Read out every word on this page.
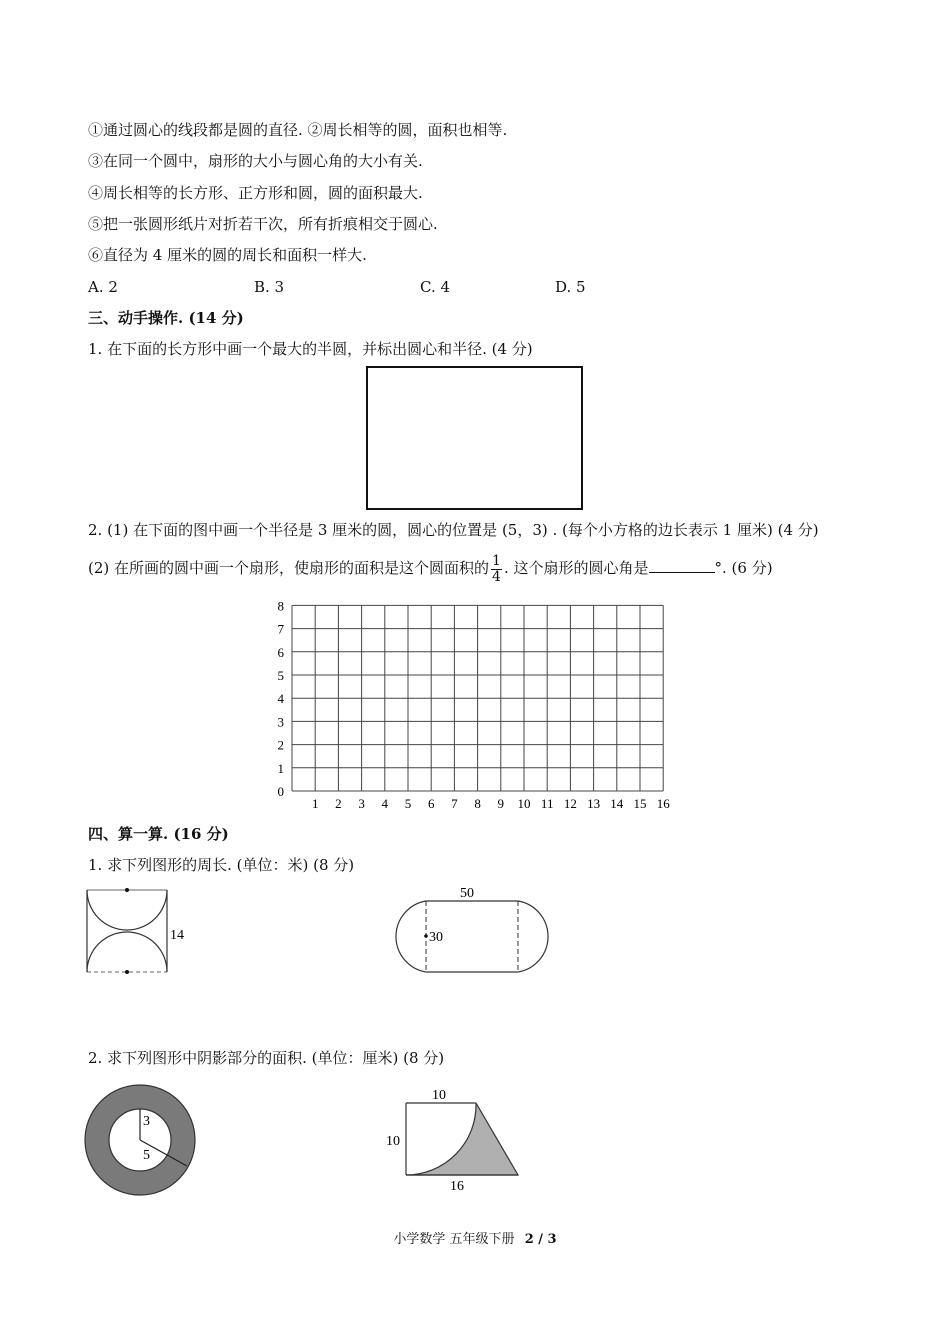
①通过圆心的线段都是圆的直径. ②周长相等的圆，面积也相等.
③在同一个圆中，扇形的大小与圆心角的大小有关.
④周长相等的长方形、正方形和圆，圆的面积最大.
⑤把一张圆形纸片对折若干次，所有折痕相交于圆心.
⑥直径为 4 厘米的圆的周长和面积一样大.
A. 2	B. 3	C. 4	D. 5
三、动手操作. (14 分)
1. 在下面的长方形中画一个最大的半圆，并标出圆心和半径. (4 分)
2. (1) 在下面的图中画一个半径是 3 厘米的圆，圆心的位置是 (5，3) . (每个小方格的边长表示 1 厘米) (4 分)
(2) 在所画的圆中画一个扇形，使扇形的面积是这个圆面积的 $\frac{1}{4}$ . 这个扇形的圆心角是	°. (6 分)
1 2 3 4 5 6 7 8 9 10 11 12 13 14 15 16
0
1
2
3
4
5
6
7
8
四、算一算. (16 分)
1. 求下列图形的周长. (单位：米) (8 分)
14
50
30
2. 求下列图形中阴影部分的面积. (单位：厘米) (8 分)
3
5
10
10
16
小学数学 五年级下册 2 / 3
